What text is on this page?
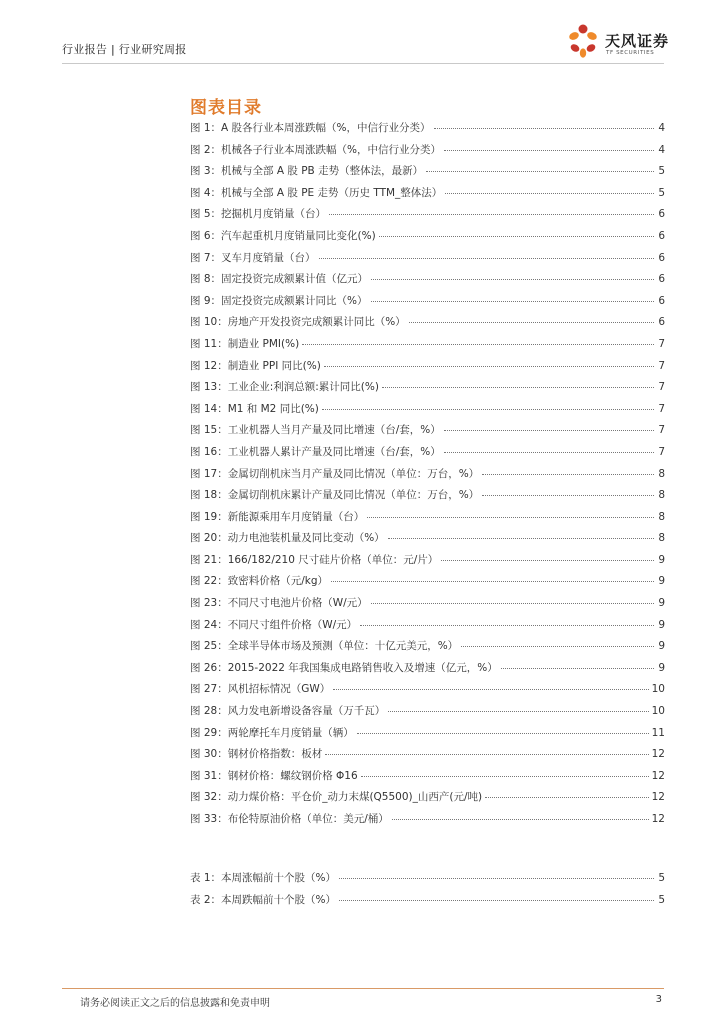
行业报告 | 行业研究周报	天风证券
TF SECURITIES
图表目录
图 1：A 股各行业本周涨跌幅（%，中信行业分类）	4
图 2：机械各子行业本周涨跌幅（%，中信行业分类）	4
图 3：机械与全部 A 股 PB 走势（整体法，最新）	5
图 4：机械与全部 A 股 PE 走势（历史 TTM_整体法）	5
图 5：挖掘机月度销量（台）	6
图 6：汽车起重机月度销量同比变化(%)	6
图 7：叉车月度销量（台）	6
图 8：固定投资完成额累计值（亿元）	6
图 9：固定投资完成额累计同比（%）	6
图 10：房地产开发投资完成额累计同比（%）	6
图 11：制造业 PMI(%)	7
图 12：制造业 PPI 同比(%)	7
图 13：工业企业:利润总额:累计同比(%)	7
图 14：M1 和 M2 同比(%)	7
图 15：工业机器人当月产量及同比增速（台/套，%）	7
图 16：工业机器人累计产量及同比增速（台/套，%）	7
图 17：金属切削机床当月产量及同比情况（单位：万台，%）	8
图 18：金属切削机床累计产量及同比情况（单位：万台，%）	8
图 19：新能源乘用车月度销量（台）	8
图 20：动力电池装机量及同比变动（%）	8
图 21：166/182/210 尺寸硅片价格（单位：元/片）	9
图 22：致密料价格（元/kg）	9
图 23：不同尺寸电池片价格（W/元）	9
图 24：不同尺寸组件价格（W/元）	9
图 25：全球半导体市场及预测（单位：十亿元美元，%）	9
图 26：2015-2022 年我国集成电路销售收入及增速（亿元，%）	9
图 27：风机招标情况（GW）	10
图 28：风力发电新增设备容量（万千瓦）	10
图 29：两轮摩托车月度销量（辆）	11
图 30：钢材价格指数：板材	12
图 31：钢材价格：螺纹钢价格 Φ16	12
图 32：动力煤价格：平仓价_动力末煤(Q5500)_山西产(元/吨)	12
图 33：布伦特原油价格（单位：美元/桶）	12
表 1：本周涨幅前十个股（%）	5
表 2：本周跌幅前十个股（%）	5
请务必阅读正文之后的信息披露和免责申明	3
